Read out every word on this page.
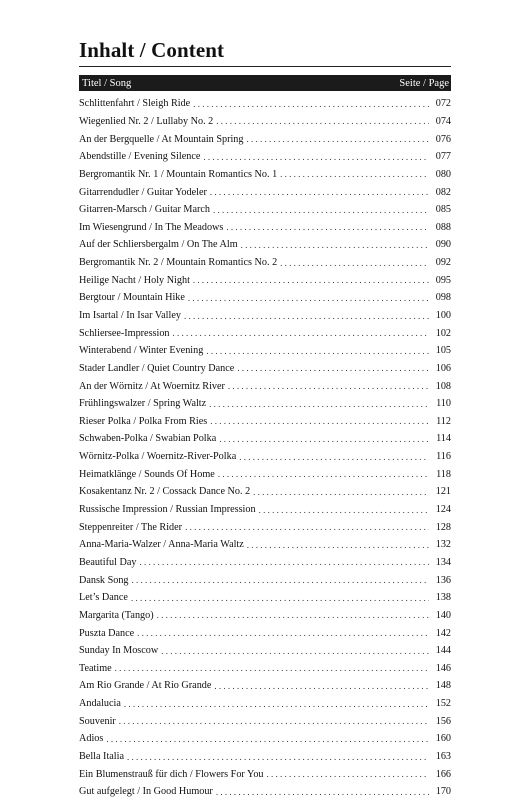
Inhalt / Content
Titel / Song	Seite / Page
Schlittenfahrt / Sleigh Ride . . .	072
Wiegenlied Nr. 2 / Lullaby No. 2 . . .	074
An der Bergquelle / At Mountain Spring . . .	076
Abendstille / Evening Silence . . .	077
Bergromantik Nr. 1 / Mountain Romantics No. 1 . . .	080
Gitarrendudler / Guitar Yodeler . . .	082
Gitarren-Marsch / Guitar March . . .	085
Im Wiesengrund / In The Meadows . . .	088
Auf der Schliersbergalm / On The Alm . . .	090
Bergromantik Nr. 2 / Mountain Romantics No. 2 . . .	092
Heilige Nacht / Holy Night . . .	095
Bergtour / Mountain Hike . . .	098
Im Isartal / In Isar Valley . . .	100
Schliersee-Impression . . .	102
Winterabend / Winter Evening . . .	105
Stader Landler / Quiet Country Dance . . .	106
An der Wörnitz / At Woernitz River . . .	108
Frühlingswalzer / Spring Waltz . . .	110
Rieser Polka / Polka From Ries . . .	112
Schwaben-Polka / Swabian Polka . . .	114
Wörnitz-Polka / Woernitz-River-Polka . . .	116
Heimatklänge / Sounds Of Home . . .	118
Kosakentanz Nr. 2 / Cossack Dance No. 2 . . .	121
Russische Impression / Russian Impression . . .	124
Steppenreiter / The Rider . . .	128
Anna-Maria-Walzer / Anna-Maria Waltz . . .	132
Beautiful Day . . .	134
Dansk Song . . .	136
Let’s Dance . . .	138
Margarita (Tango) . . .	140
Puszta Dance . . .	142
Sunday In Moscow . . .	144
Teatime . . .	146
Am Rio Grande / At Rio Grande . . .	148
Andalucia . . .	152
Souvenir . . .	156
Adios . . .	160
Bella Italia . . .	163
Ein Blumenstrauß für dich / Flowers For You . . .	166
Gut aufgelegt / In Good Humour . . .	170
